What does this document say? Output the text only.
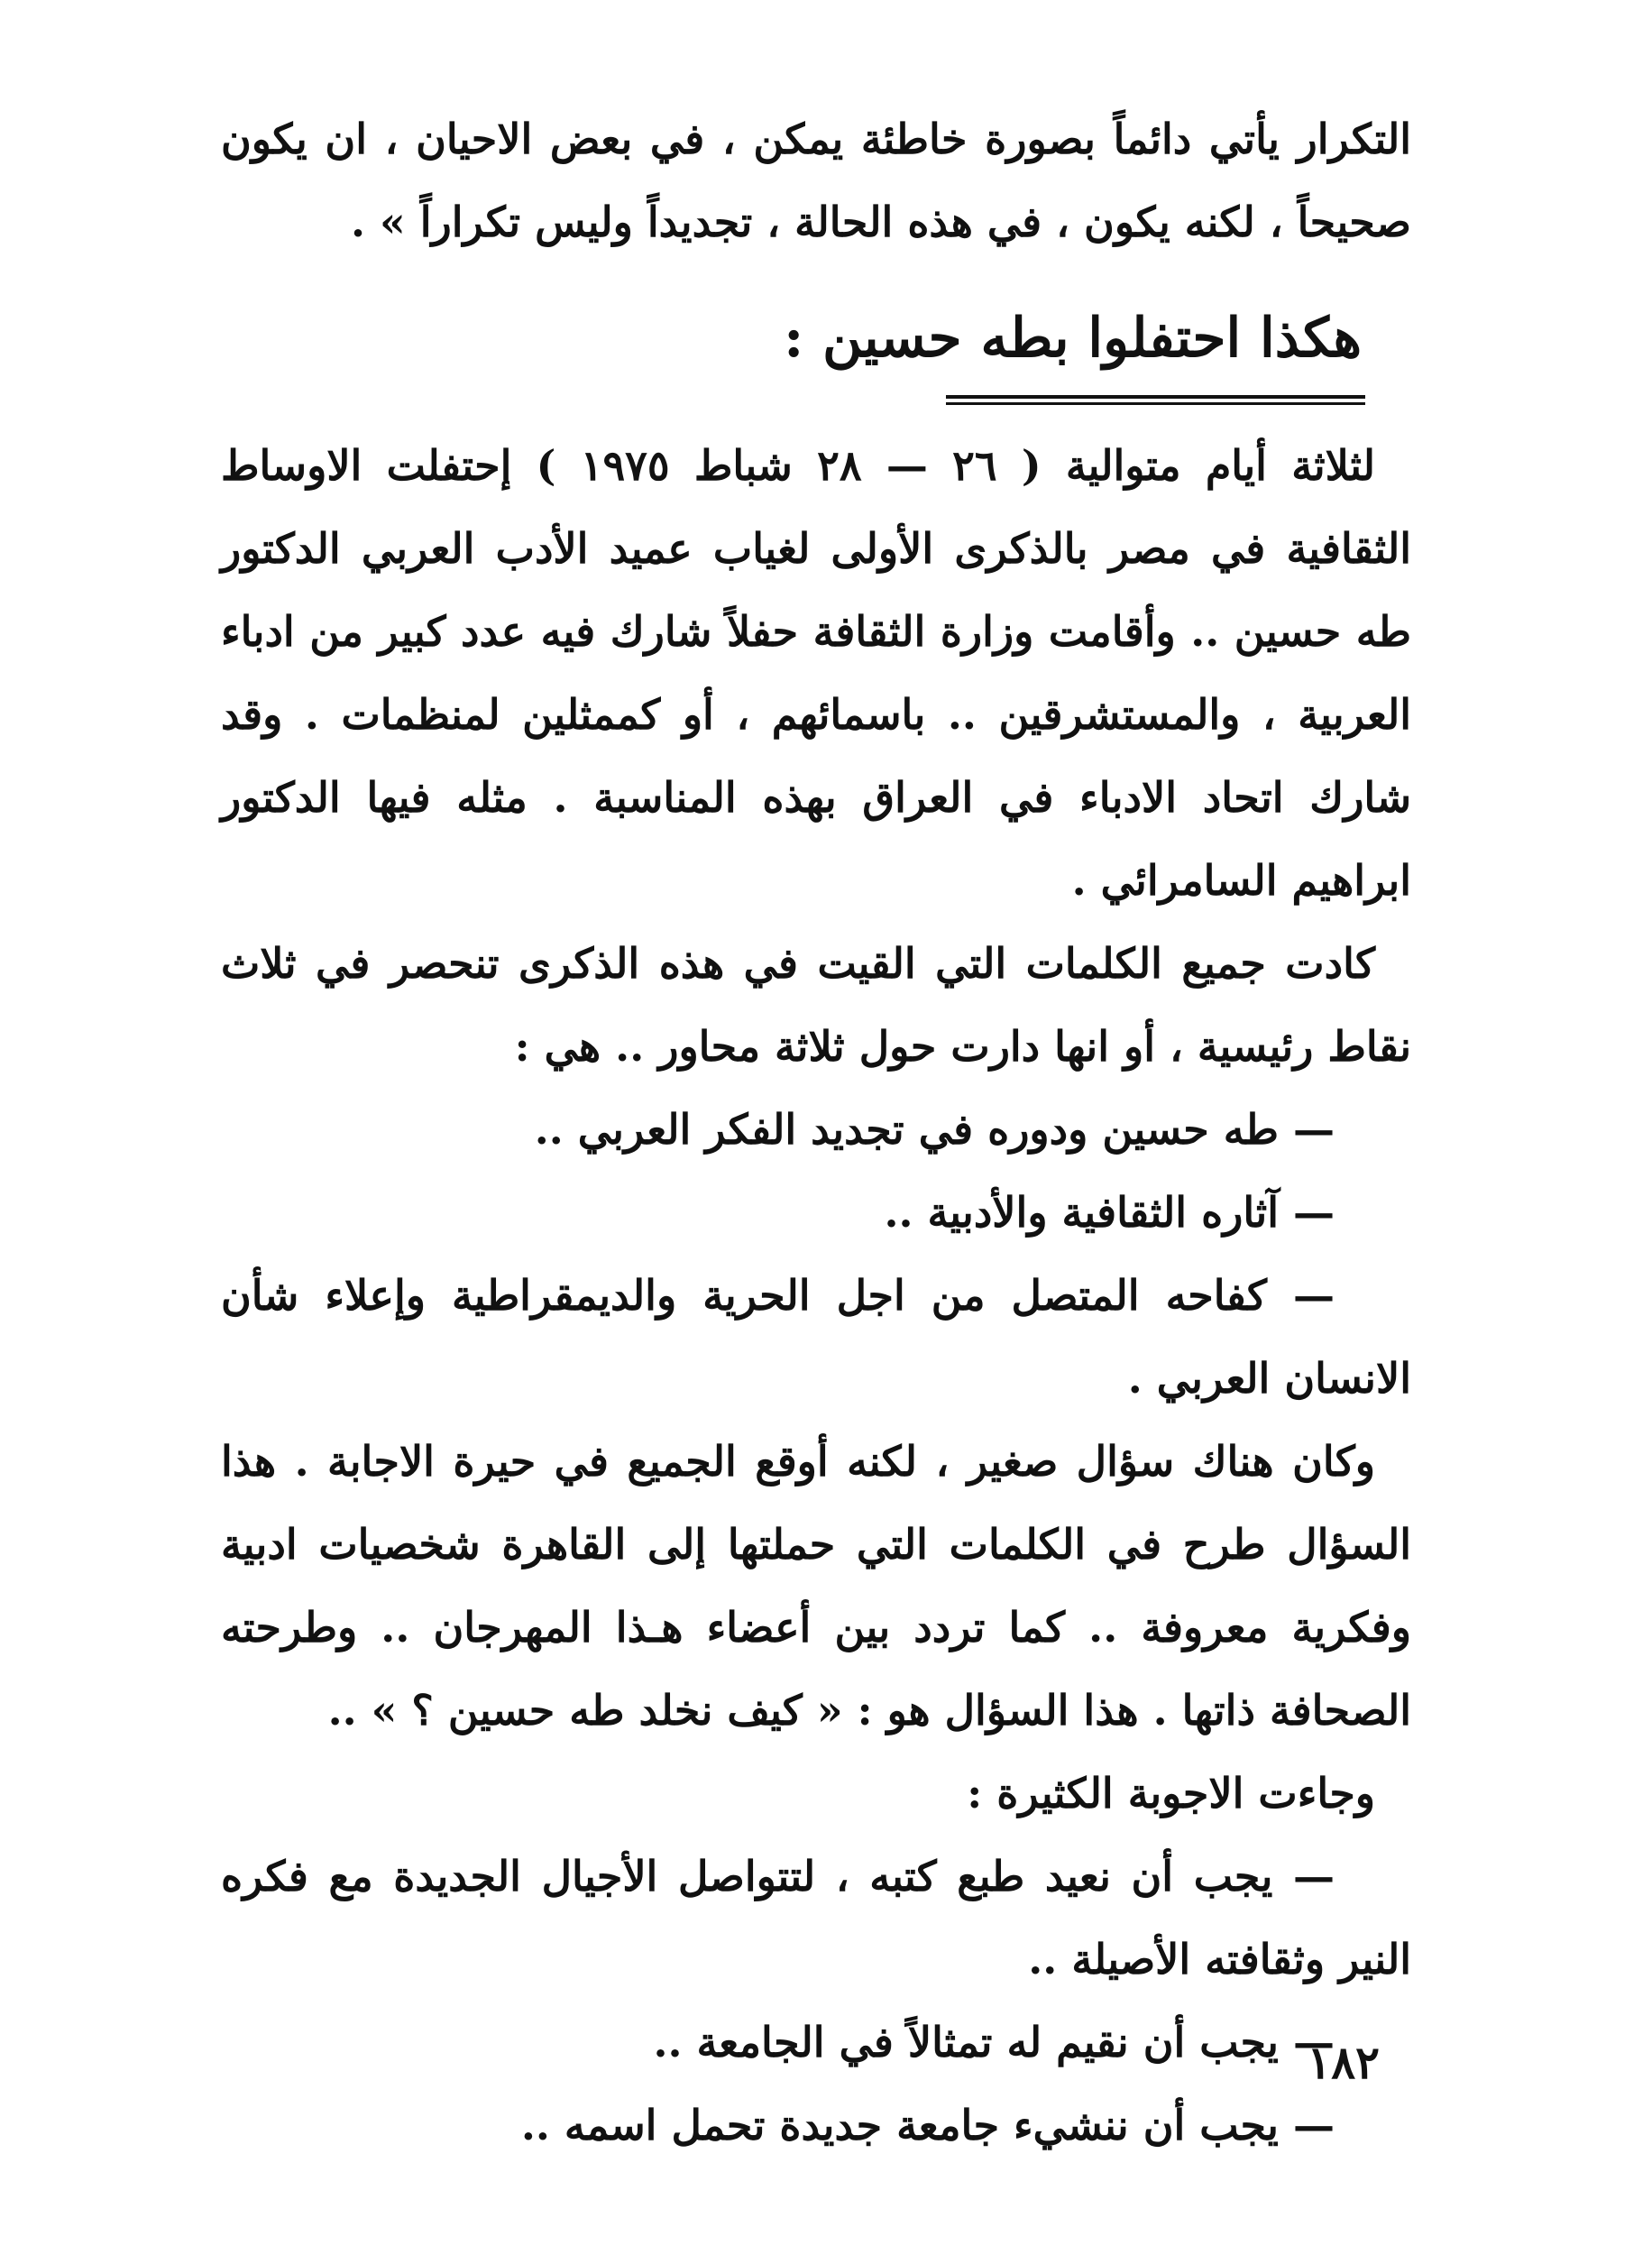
التكرار يأتي دائماً بصورة خاطئة يمكن ، في بعض الاحيان ، ان يكون صحيحاً ، لكنه يكون ، في هذه الحالة ، تجديداً وليس تكراراً » .

هكذا احتفلوا بطه حسين :

لثلاثة أيام متوالية ( ٢٦ — ٢٨ شباط ١٩٧٥ ) إحتفلت الاوساط الثقافية في مصر بالذكرى الأولى لغياب عميد الأدب العربي الدكتور طه حسين .. وأقامت وزارة الثقافة حفلاً شارك فيه عدد كبير من ادباء العربية ، والمستشرقين .. باسمائهم ، أو كممثلين لمنظمات . وقد شارك اتحاد الادباء في العراق بهذه المناسبة . مثله فيها الدكتور ابراهيم السامرائي .

كادت جميع الكلمات التي القيت في هذه الذكرى تنحصر في ثلاث نقاط رئيسية ، أو انها دارت حول ثلاثة محاور .. هي :

— طه حسين ودوره في تجديد الفكر العربي ..

— آثاره الثقافية والأدبية ..

— كفاحه المتصل من اجل الحرية والديمقراطية وإعلاء شأن الانسان العربي .

وكان هناك سؤال صغير ، لكنه أوقع الجميع في حيرة الاجابة . هذا السؤال طرح في الكلمات التي حملتها إلى القاهرة شخصيات ادبية وفكرية معروفة .. كما تردد بين أعضاء هـذا المهرجان .. وطرحته الصحافة ذاتها . هذا السؤال هو : « كيف نخلد طه حسين ؟ » ..

وجاءت الاجوبة الكثيرة :

— يجب أن نعيد طبع كتبه ، لتتواصل الأجيال الجديدة مع فكره النير وثقافته الأصيلة ..

— يجب أن نقيم له تمثالاً في الجامعة ..

— يجب أن ننشيء جامعة جديدة تحمل اسمه ..

١٨٢
